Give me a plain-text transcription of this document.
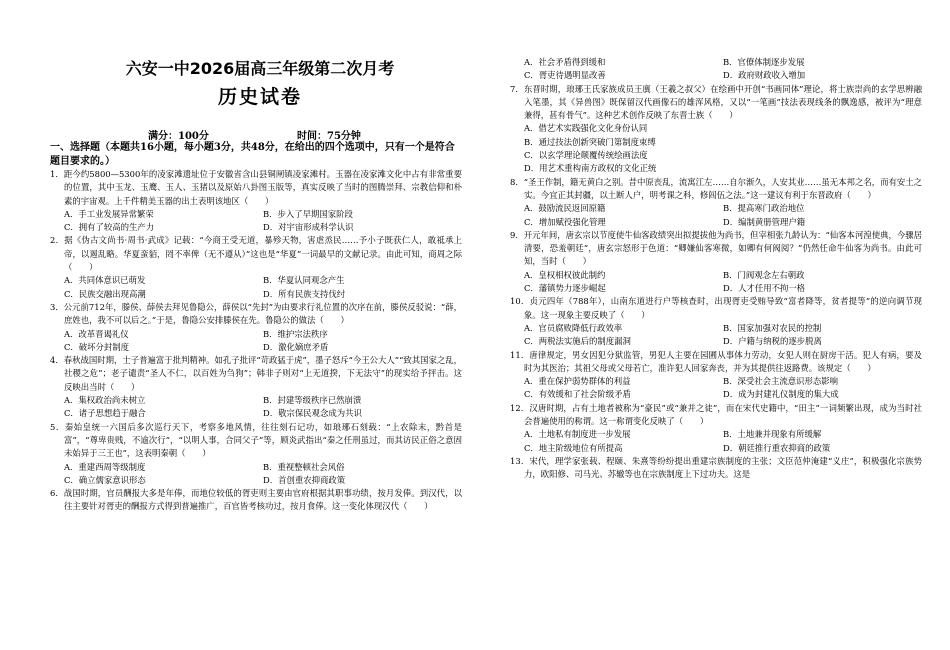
六安一中2026届高三年级第二次月考
历史试卷
满分：100分	时间：75分钟
一、选择题（本题共16小题，每小题3分，共48分，在给出的四个选项中，只有一个是符合题目要求的。）

1．距今约5800—5300年的凌家滩遗址位于安徽省含山县铜闸镇凌家滩村。玉器在凌家滩文化中占有非常重要的位置，其中玉龙、玉鹰、玉人、玉猪以及原始八卦图玉版等，真实反映了当时的图腾崇拜、宗教信仰和朴素的宇宙观。上千件精美玉器的出土表明该地区（　　）

A．手工业发展异常繁荣	B．步入了早期国家阶段
C．拥有了较高的生产力	D．对宇宙形成科学认识

2．据《伪古文尚书·周书·武成》记载：“今商王受无道，暴殄天物，害虐烝民……予小子既获仁人，敢祗承上帝，以遏乱略。华夏蛮貊，罔不率俾（无不遵从）”这也是“华夏”一词最早的文献记录。由此可知，商周之际（　　）

A．共同体意识已萌发	B．华夏认同观念产生
C．民族交融出现高潮	D．所有民族支持伐纣

3．公元前712年，滕侯、薛侯去拜见鲁隐公，薛侯以“先封”为由要求行礼位置的次序在前，滕侯反驳说：“薛，庶姓也，我不可以后之。”于是，鲁隐公安排滕侯在先。鲁隐公的做法（　　）

A．改革晋谒礼仪	B．维护宗法秩序
C．破坏分封制度	D．激化嫡庶矛盾

4．春秋战国时期，士子普遍富于批判精神。如孔子批评“苛政猛于虎”，墨子怒斥“今王公大人”“致其国家之乱，社稷之危”；老子谴责“圣人不仁，以百姓为刍狗”；韩非子则对“上无道揆，下无法守”的现实给予抨击。这反映出当时（　　）

A．集权政治尚未树立	B．封建等级秩序已然崩溃
C．诸子思想趋于融合	D．敬宗保民观念成为共识

5．秦始皇统一六国后多次巡行天下，考察多地风情，往往刻石记功，如琅琊石刻载：“上农除末，黔首是富”，“尊卑贵贱，不逾次行”，“以明人事，合同父子”等，顾炎武指出“秦之任刑虽过，而其访民正俗之意固未始异于三王也”，这表明秦朝（　　）

A．重建西周等级制度	B．重视整顿社会风俗
C．确立儒家意识形态	D．首创重农抑商政策

6．战国时期，官员酬报大多是年俸，而地位较低的胥吏则主要由官府根据其职事功绩，按月发俸。到汉代，以往主要针对胥吏的酬报方式得到普遍推广，百官皆考核功过，按月食俸。这一变化体现汉代（　　）

A．社会矛盾得到缓和	B．官僚体制逐步发展
C．胥吏待遇明显改善	D．政府财政收入增加

7．东晋时期，琅琊王氏家族成员王廙（王羲之叔父）在绘画中开创“书画同体”理论，将士族崇尚的玄学思辨融入笔墨，其《异兽图》既保留汉代画像石的雄浑风格，又以“一笔画”技法表现线条的飘逸感，被评为“理意兼得，甚有骨气”。这种艺术创作反映了东晋士族（　　）

A．借艺术实践强化文化身份认同
B．通过技法创新突破门第制度束缚
C．以玄学理论颠覆传统绘画法度
D．用艺术重构南方政权的文化正统

8．“圣王作制，籍无黄白之别。昔中原丧乱，流寓江左……自尔渐久，人安其业……虽无本邦之名，而有安土之实。今宜正其封疆，以土断人户，明考课之科，修闾伍之法。”这一建议有利于东晋政府（　　）

A．鼓励流民返回原籍	B．提高寒门政治地位
C．增加赋役强化管理	D．编制黄册管理户籍

9．开元年间，唐玄宗以节度使牛仙客政绩突出拟提拔他为尚书，但宰相张九龄认为：“仙客本河湟使典，今骤居清要，恐羞朝廷”，唐玄宗怒形于色道：“卿嫌仙客寒微，如卿有何阀阅？”仍然任命牛仙客为尚书。由此可知，当时（　　）

A．皇权相权彼此制约	B．门阀观念左右朝政
C．藩镇势力逐步崛起	D．人才任用不拘一格

10．贞元四年（788年），山南东道进行户等核查时，出现胥吏受贿导致“富者降等，贫者提等”的逆向调节现象。这一现象主要反映了（　　）

A．官员腐败降低行政效率	B．国家加强对农民的控制
C．两税法实施后的制度漏洞	D．户籍与纳税的逐步脱离

11．唐律规定，男女因犯分狱监管，男犯人主要在园圃从事体力劳动，女犯人则在厨房干活。犯人有病，要及时为其医治；其祖父母或父母若亡，准许犯人回家奔丧，并为其提供往返路费。该规定（　　）

A．重在保护弱势群体的利益	B．深受社会主流意识形态影响
C．有效缓和了社会阶级矛盾	D．成为封建礼仪制度的集大成

12．汉唐时期，占有土地者被称为“豪民”或“兼并之徒”，而在宋代史籍中，“田主”一词频繁出现，成为当时社会普遍使用的称谓。这一称谓变化反映了（　　）

A．土地私有制度进一步发展	B．土地兼并现象有所缓解
C．地主阶级地位有所提高	D．朝廷推行重农抑商的政策

13．宋代，理学家张载、程颐、朱熹等纷纷提出重建宗族制度的主张；文臣范仲淹建“义庄”，积极强化宗族势力，欧阳修、司马光、苏辙等也在宗族制度上下过功夫。这是
